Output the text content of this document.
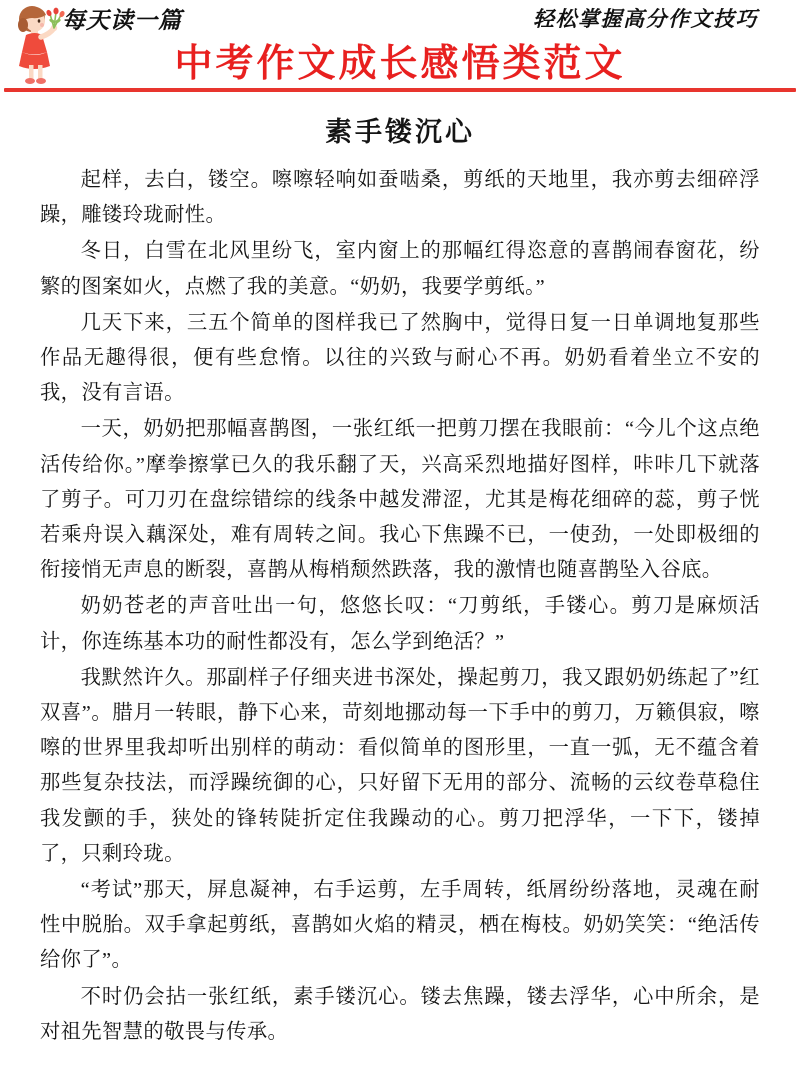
每天读一篇	轻松掌握高分作文技巧
中考作文成长感悟类范文
素手镂沉心

起样，去白，镂空。嚓嚓轻响如蚕啮桑，剪纸的天地里，我亦剪去细碎浮躁，雕镂玲珑耐性。

冬日，白雪在北风里纷飞，室内窗上的那幅红得恣意的喜鹊闹春窗花，纷繁的图案如火，点燃了我的美意。“奶奶，我要学剪纸。”

几天下来，三五个简单的图样我已了然胸中，觉得日复一日单调地复那些作品无趣得很，便有些怠惰。以往的兴致与耐心不再。奶奶看着坐立不安的我，没有言语。

一天，奶奶把那幅喜鹊图，一张红纸一把剪刀摆在我眼前：“今儿个这点绝活传给你。”摩拳擦掌已久的我乐翻了天，兴高采烈地描好图样，咔咔几下就落了剪子。可刀刃在盘综错综的线条中越发滞涩，尤其是梅花细碎的蕊，剪子恍若乘舟误入藕深处，难有周转之间。我心下焦躁不已，一使劲，一处即极细的衔接悄无声息的断裂，喜鹊从梅梢颓然跌落，我的激情也随喜鹊坠入谷底。

奶奶苍老的声音吐出一句，悠悠长叹：“刀剪纸，手镂心。剪刀是麻烦活计，你连练基本功的耐性都没有，怎么学到绝活？”

我默然许久。那副样子仔细夹进书深处，操起剪刀，我又跟奶奶练起了”红双喜”。腊月一转眼，静下心来，苛刻地挪动每一下手中的剪刀，万籁俱寂，嚓嚓的世界里我却听出别样的萌动：看似简单的图形里，一直一弧，无不蕴含着那些复杂技法，而浮躁统御的心，只好留下无用的部分、流畅的云纹卷草稳住我发颤的手，狭处的锋转陡折定住我躁动的心。剪刀把浮华，一下下，镂掉了，只剩玲珑。

“考试”那天，屏息凝神，右手运剪，左手周转，纸屑纷纷落地，灵魂在耐性中脱胎。双手拿起剪纸，喜鹊如火焰的精灵，栖在梅枝。奶奶笑笑：“绝活传给你了”。

不时仍会拈一张红纸，素手镂沉心。镂去焦躁，镂去浮华，心中所余，是对祖先智慧的敬畏与传承。
